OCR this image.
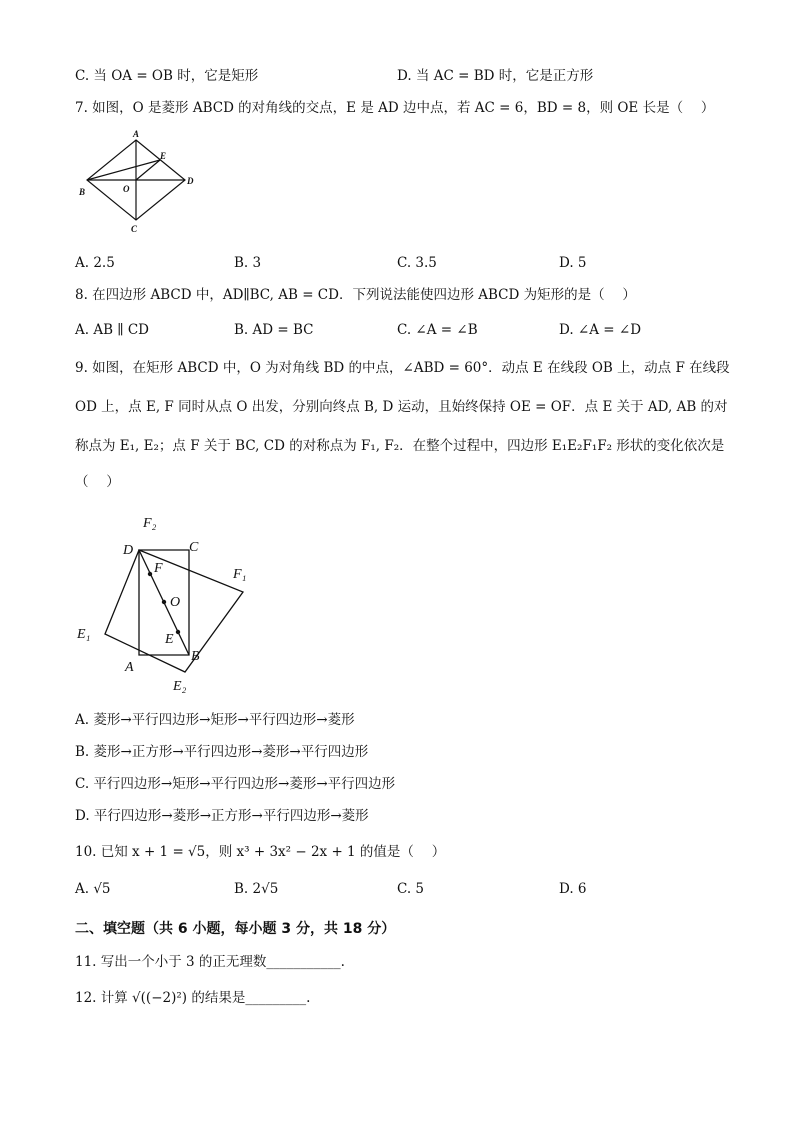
C. 当 OA = OB 时，它是矩形	D. 当 AC = BD 时，它是正方形
7. 如图，O 是菱形 ABCD 的对角线的交点，E 是 AD 边中点，若 AC = 6，BD = 8，则 OE 长是（　 ）
A
B
C
D
E
O
A. 2.5	B. 3	C. 3.5	D. 5
8. 在四边形 ABCD 中，AD∥BC, AB = CD．下列说法能使四边形 ABCD 为矩形的是（　 ）
A. AB ∥ CD	B. AD = BC	C. ∠A = ∠B	D. ∠A = ∠D
9. 如图，在矩形 ABCD 中，O 为对角线 BD 的中点，∠ABD = 60°．动点 E 在线段 OB 上，动点 F 在线段
OD 上，点 E, F 同时从点 O 出发，分别向终点 B, D 运动，且始终保持 OE = OF．点 E 关于 AD, AB 的对
称点为 E₁, E₂；点 F 关于 BC, CD 的对称点为 F₁, F₂．在整个过程中，四边形 E₁E₂F₁F₂ 形状的变化依次是
（　 ）
F₂
D	C
F	F₁
O
E₁	E
A
B
E₂
A. 菱形→平行四边形→矩形→平行四边形→菱形
B. 菱形→正方形→平行四边形→菱形→平行四边形
C. 平行四边形→矩形→平行四边形→菱形→平行四边形
D. 平行四边形→菱形→正方形→平行四边形→菱形
10. 已知 x + 1 = √5，则 x³ + 3x² − 2x + 1 的值是（　 ）
A. √5	B. 2√5	C. 5	D. 6
二、填空题（共 6 小题，每小题 3 分，共 18 分）
11. 写出一个小于 3 的正无理数___________.
12. 计算 √((−2)²) 的结果是_________.
